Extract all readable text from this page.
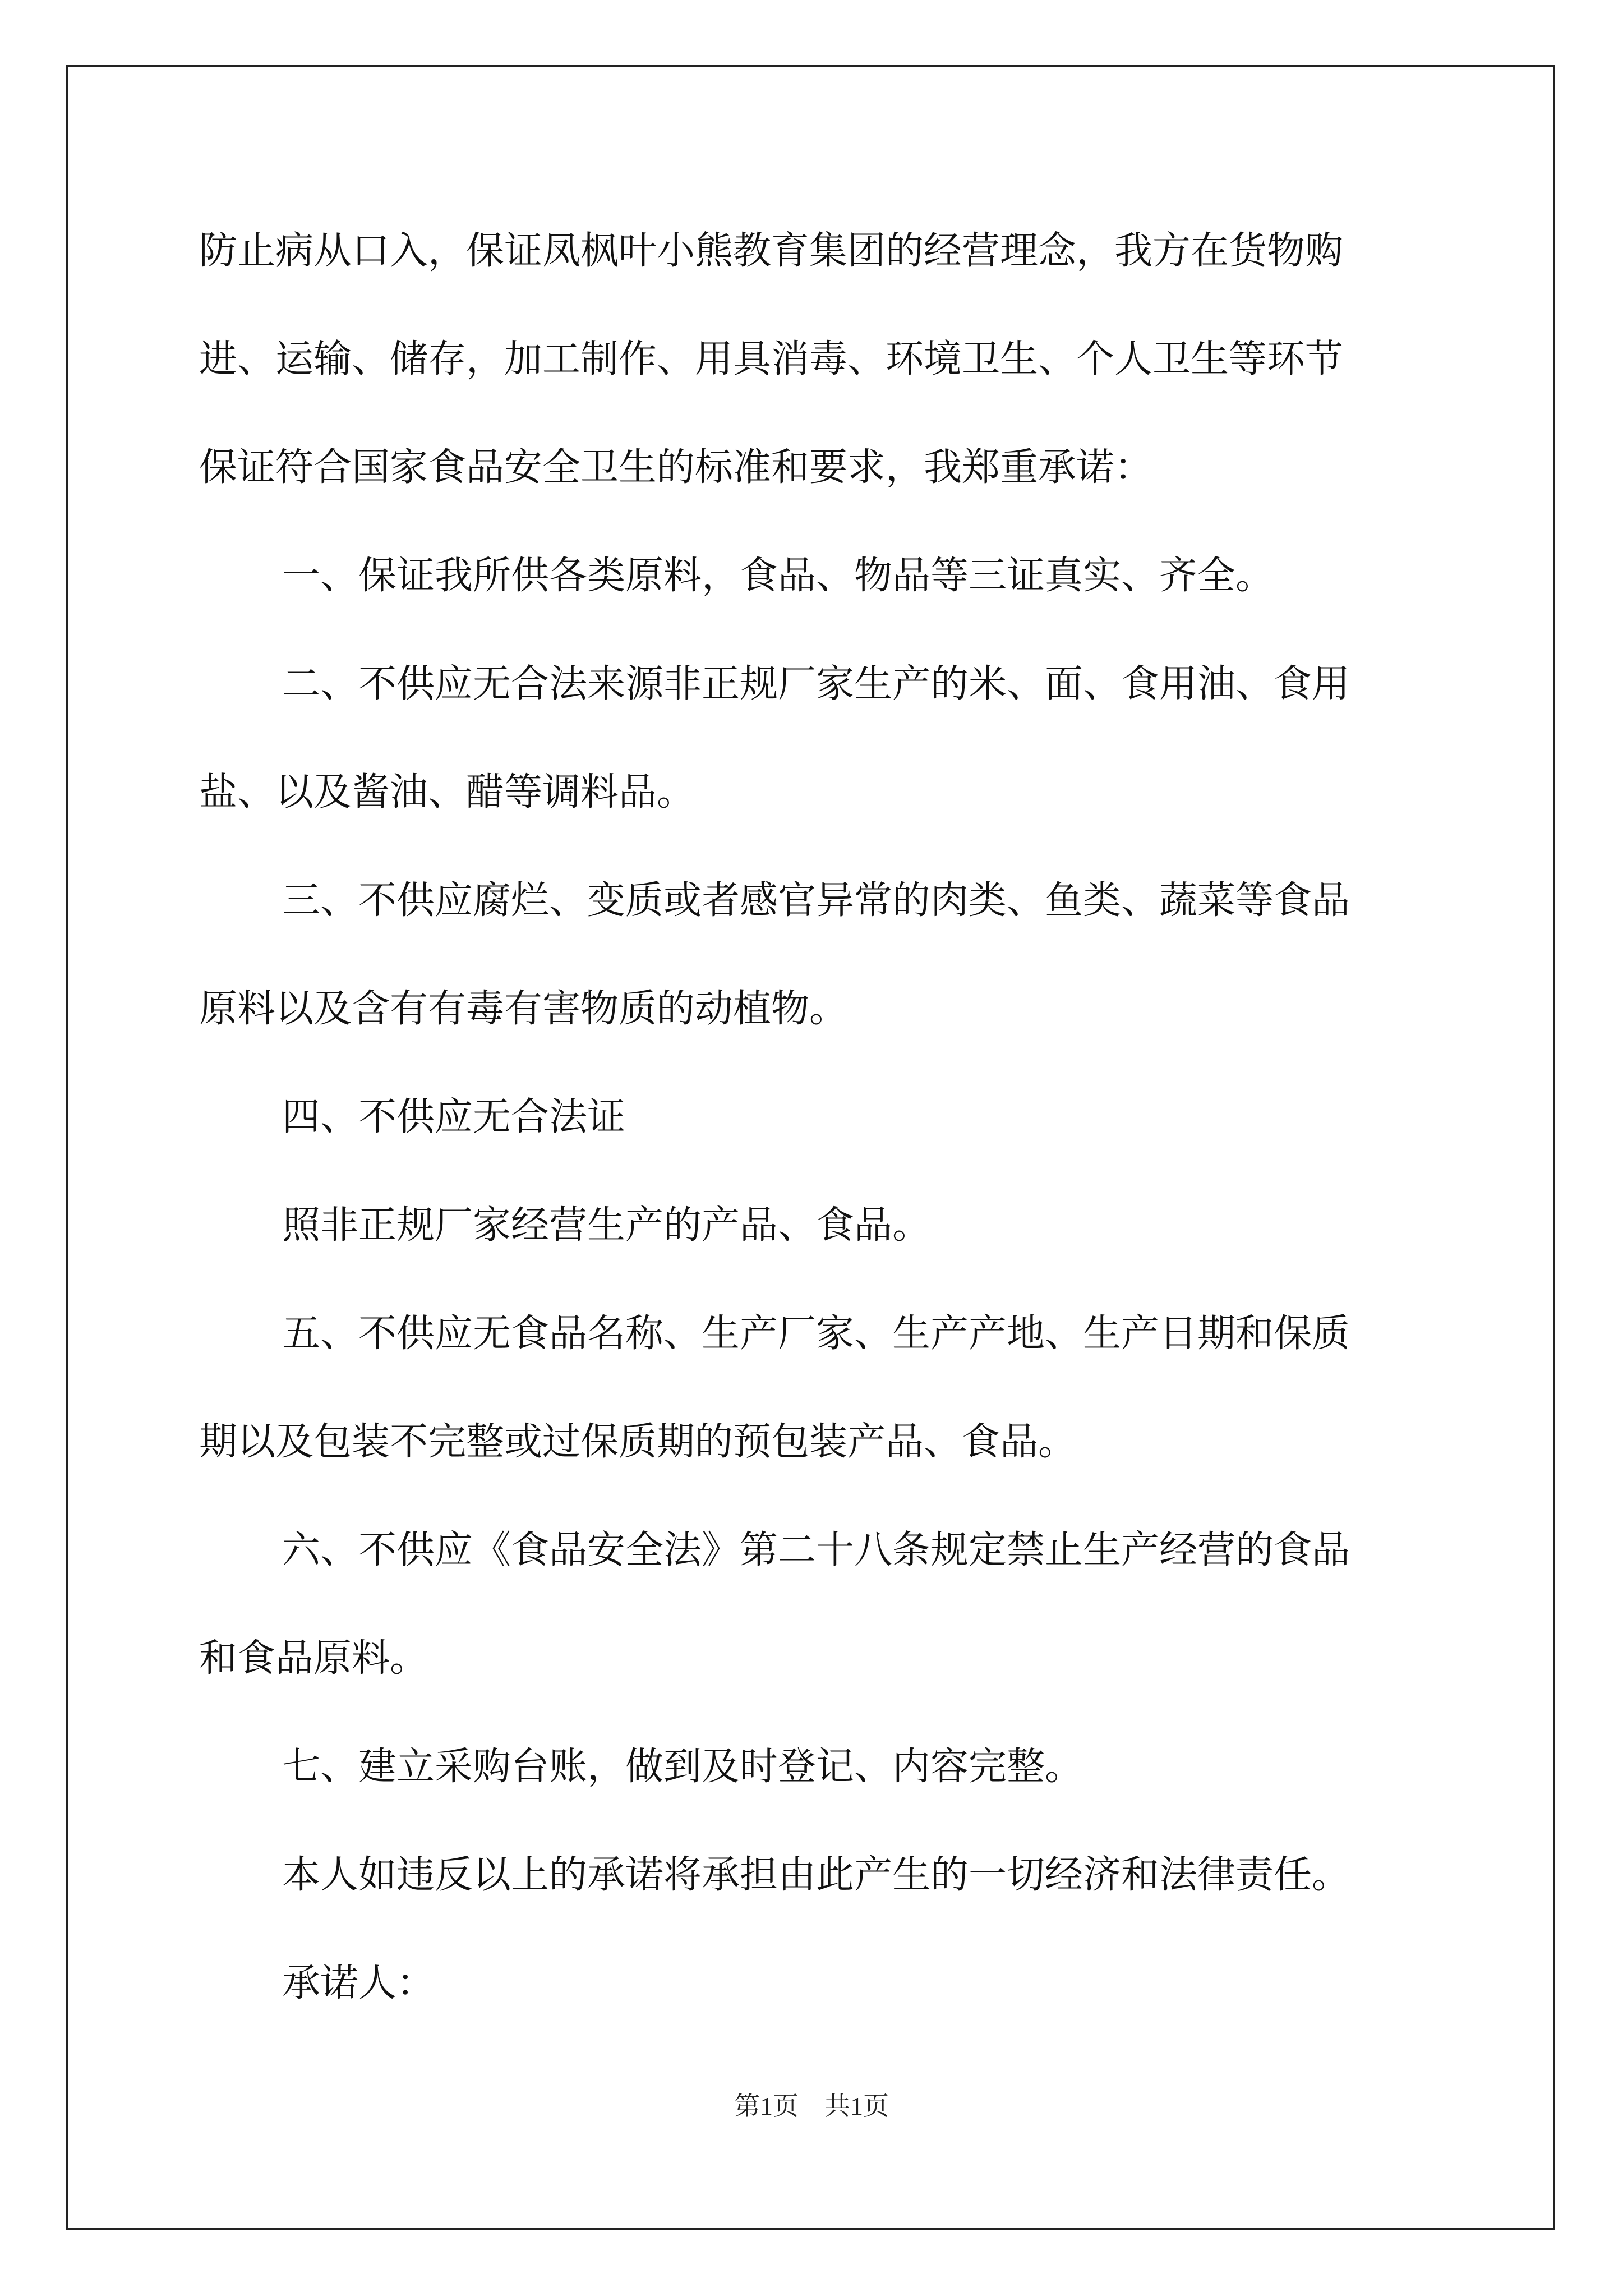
防止病从口入，保证凤枫叶小熊教育集团的经营理念，我方在货物购
进、运输、储存，加工制作、用具消毒、环境卫生、个人卫生等环节
保证符合国家食品安全卫生的标准和要求，我郑重承诺：
一、保证我所供各类原料，食品、物品等三证真实、齐全。
二、不供应无合法来源非正规厂家生产的米、面、食用油、食用
盐、以及酱油、醋等调料品。
三、不供应腐烂、变质或者感官异常的肉类、鱼类、蔬菜等食品
原料以及含有有毒有害物质的动植物。
四、不供应无合法证
照非正规厂家经营生产的产品、食品。
五、不供应无食品名称、生产厂家、生产产地、生产日期和保质
期以及包装不完整或过保质期的预包装产品、食品。
六、不供应《食品安全法》第二十八条规定禁止生产经营的食品
和食品原料。
七、建立采购台账，做到及时登记、内容完整。
本人如违反以上的承诺将承担由此产生的一切经济和法律责任。
承诺人：
第1页　共1页
